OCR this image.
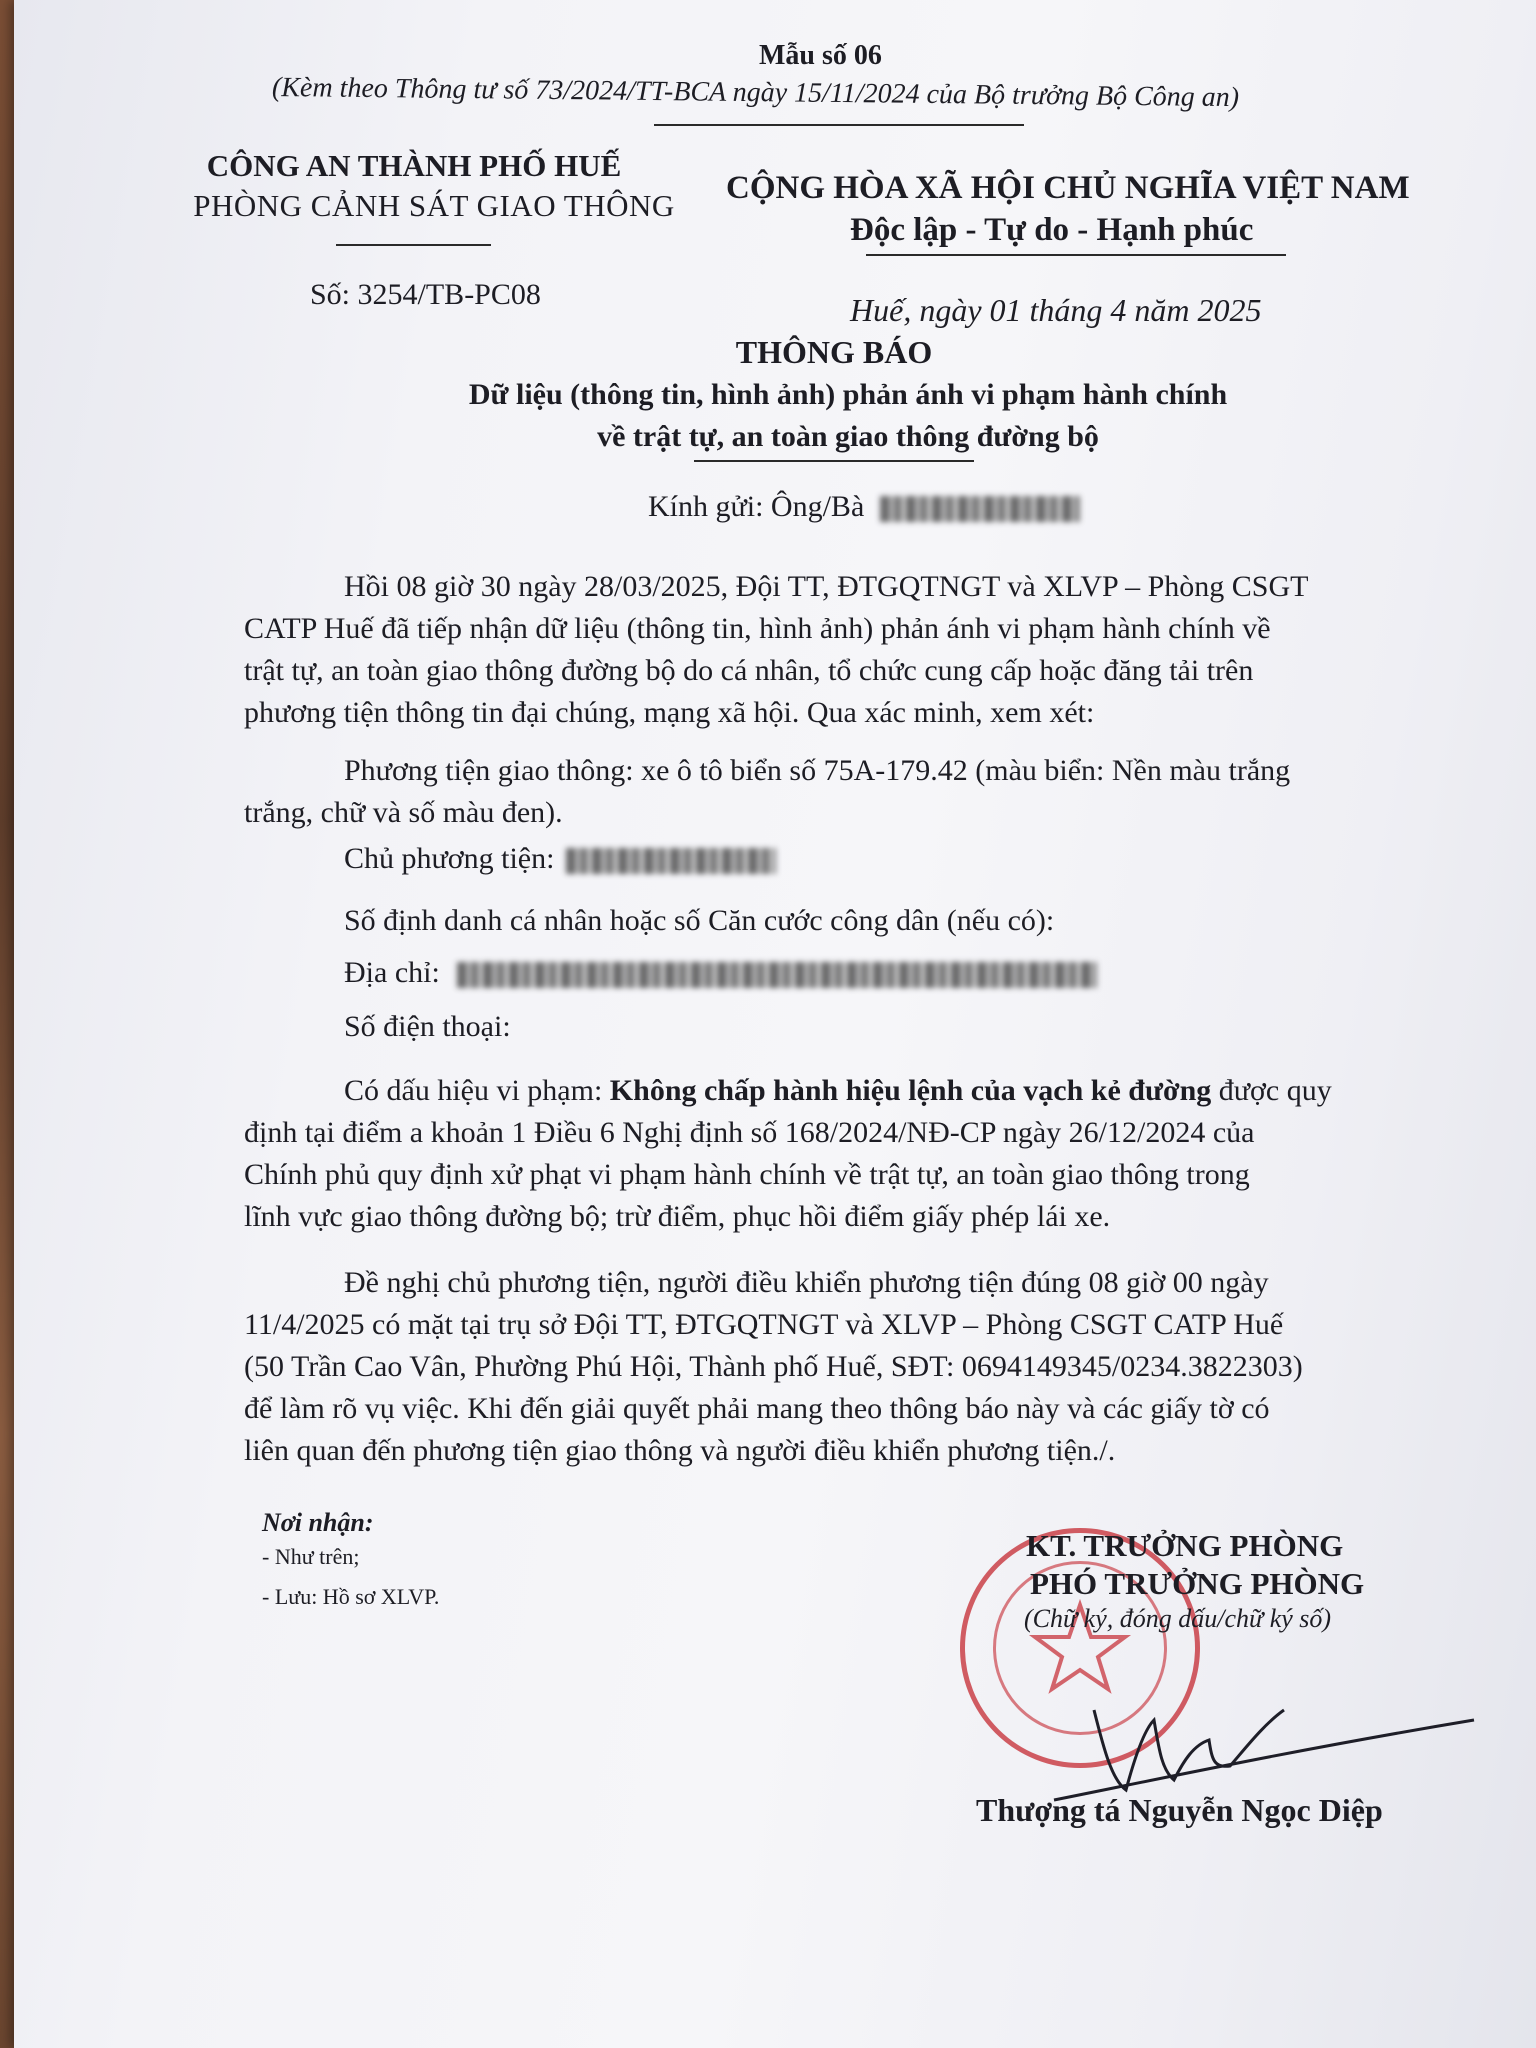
Mẫu số 06
(Kèm theo Thông tư số 73/2024/TT-BCA ngày 15/11/2024 của Bộ trưởng Bộ Công an)
CÔNG AN THÀNH PHỐ HUẾ
PHÒNG CẢNH SÁT GIAO THÔNG
Số: 3254/TB-PC08
CỘNG HÒA XÃ HỘI CHỦ NGHĨA VIỆT NAM
Độc lập - Tự do - Hạnh phúc
Huế, ngày 01 tháng 4 năm 2025
THÔNG BÁO
Dữ liệu (thông tin, hình ảnh) phản ánh vi phạm hành chính
về trật tự, an toàn giao thông đường bộ
Kính gửi: Ông/Bà
Hồi 08 giờ 30 ngày 28/03/2025, Đội TT, ĐTGQTNGT và XLVP – Phòng CSGT
CATP Huế đã tiếp nhận dữ liệu (thông tin, hình ảnh) phản ánh vi phạm hành chính về
trật tự, an toàn giao thông đường bộ do cá nhân, tổ chức cung cấp hoặc đăng tải trên
phương tiện thông tin đại chúng, mạng xã hội. Qua xác minh, xem xét:
Phương tiện giao thông: xe ô tô biển số 75A-179.42 (màu biển: Nền màu trắng
trắng, chữ và số màu đen).
Chủ phương tiện:
Số định danh cá nhân hoặc số Căn cước công dân (nếu có):
Địa chỉ:
Số điện thoại:
Có dấu hiệu vi phạm: Không chấp hành hiệu lệnh của vạch kẻ đường được quy
định tại điểm a khoản 1 Điều 6 Nghị định số 168/2024/NĐ-CP ngày 26/12/2024 của
Chính phủ quy định xử phạt vi phạm hành chính về trật tự, an toàn giao thông trong
lĩnh vực giao thông đường bộ; trừ điểm, phục hồi điểm giấy phép lái xe.
Đề nghị chủ phương tiện, người điều khiển phương tiện đúng 08 giờ 00 ngày
11/4/2025 có mặt tại trụ sở Đội TT, ĐTGQTNGT và XLVP – Phòng CSGT CATP Huế
(50 Trần Cao Vân, Phường Phú Hội, Thành phố Huế, SĐT: 0694149345/0234.3822303)
để làm rõ vụ việc. Khi đến giải quyết phải mang theo thông báo này và các giấy tờ có
liên quan đến phương tiện giao thông và người điều khiển phương tiện./.
Nơi nhận:
- Như trên;
- Lưu: Hồ sơ XLVP.
KT. TRƯỞNG PHÒNG
PHÓ TRƯỞNG PHÒNG
(Chữ ký, đóng dấu/chữ ký số)
Thượng tá Nguyễn Ngọc Diệp
